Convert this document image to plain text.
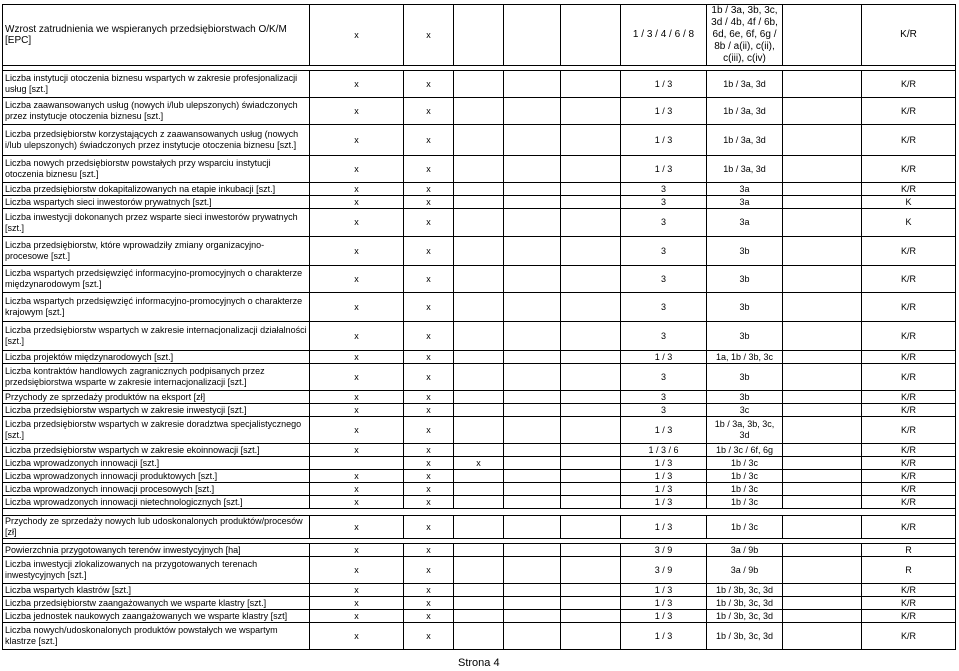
Wzrost zatrudnienia we wspieranych przedsiębiorstwach O/K/M [EPC]	x	x				1 / 3 / 4 / 6 / 8	1b / 3a, 3b, 3c, 3d / 4b, 4f / 6b, 6d, 6e, 6f, 6g / 8b / a(ii), c(ii), c(iii), c(iv)		K/R

Liczba instytucji otoczenia biznesu wspartych w zakresie profesjonalizacji usług [szt.]	x	x				1 / 3	1b / 3a, 3d		K/R
Liczba zaawansowanych usług (nowych i/lub ulepszonych) świadczonych przez instytucje otoczenia biznesu [szt.]	x	x				1 / 3	1b / 3a, 3d		K/R
Liczba przedsiębiorstw korzystających z zaawansowanych usług (nowych i/lub ulepszonych) świadczonych przez instytucje otoczenia biznesu [szt.]	x	x				1 / 3	1b / 3a, 3d		K/R
Liczba nowych przedsiębiorstw powstałych przy wsparciu instytucji otoczenia biznesu [szt.]	x	x				1 / 3	1b / 3a, 3d		K/R
Liczba przedsiębiorstw dokapitalizowanych na etapie inkubacji [szt.]	x	x				3	3a		K/R
Liczba wspartych sieci inwestorów prywatnych [szt.]	x	x				3	3a		K
Liczba inwestycji dokonanych przez wsparte sieci inwestorów prywatnych [szt.]	x	x				3	3a		K
Liczba przedsiębiorstw, które wprowadziły zmiany organizacyjno-procesowe [szt.]	x	x				3	3b		K/R
Liczba wspartych przedsięwzięć informacyjno-promocyjnych o charakterze międzynarodowym [szt.]	x	x				3	3b		K/R
Liczba wspartych przedsięwzięć informacyjno-promocyjnych o charakterze krajowym [szt.]	x	x				3	3b		K/R
Liczba przedsiębiorstw wspartych w zakresie internacjonalizacji działalności [szt.]	x	x				3	3b		K/R
Liczba projektów międzynarodowych [szt.]	x	x				1 / 3	1a, 1b / 3b, 3c		K/R
Liczba kontraktów handlowych zagranicznych podpisanych przez przedsiębiorstwa wsparte w zakresie internacjonalizacji [szt.]	x	x				3	3b		K/R
Przychody ze sprzedaży produktów na eksport [zł]	x	x				3	3b		K/R
Liczba przedsiębiorstw wspartych w zakresie inwestycji [szt.]	x	x				3	3c		K/R
Liczba przedsiębiorstw wspartych w zakresie doradztwa specjalistycznego [szt.]	x	x				1 / 3	1b / 3a, 3b, 3c, 3d		K/R
Liczba przedsiębiorstw wspartych w zakresie ekoinnowacji [szt.]	x	x				1 / 3 / 6	1b / 3c / 6f, 6g		K/R
Liczba wprowadzonych innowacji [szt.]		x	x			1 / 3	1b / 3c		K/R
Liczba wprowadzonych innowacji produktowych [szt.]	x	x				1 / 3	1b / 3c		K/R
Liczba wprowadzonych innowacji procesowych [szt.]	x	x				1 / 3	1b / 3c		K/R
Liczba wprowadzonych innowacji nietechnologicznych [szt.]	x	x				1 / 3	1b / 3c		K/R

Przychody ze sprzedaży nowych lub udoskonalonych produktów/procesów [zł]	x	x				1 / 3	1b / 3c		K/R

Powierzchnia przygotowanych terenów inwestycyjnych [ha]	x	x				3 / 9	3a / 9b		R
Liczba inwestycji zlokalizowanych na przygotowanych terenach inwestycyjnych [szt.]	x	x				3 / 9	3a / 9b		R
Liczba wspartych klastrów [szt.]	x	x				1 / 3	1b / 3b, 3c, 3d		K/R
Liczba przedsiębiorstw zaangażowanych we wsparte klastry [szt.]	x	x				1 / 3	1b / 3b, 3c, 3d		K/R
Liczba jednostek naukowych zaangażowanych we wsparte klastry [szt]	x	x				1 / 3	1b / 3b, 3c, 3d		K/R
Liczba nowych/udoskonalonych produktów powstałych we wspartym klastrze [szt.]	x	x				1 / 3	1b / 3b, 3c, 3d		K/R
Strona 4
